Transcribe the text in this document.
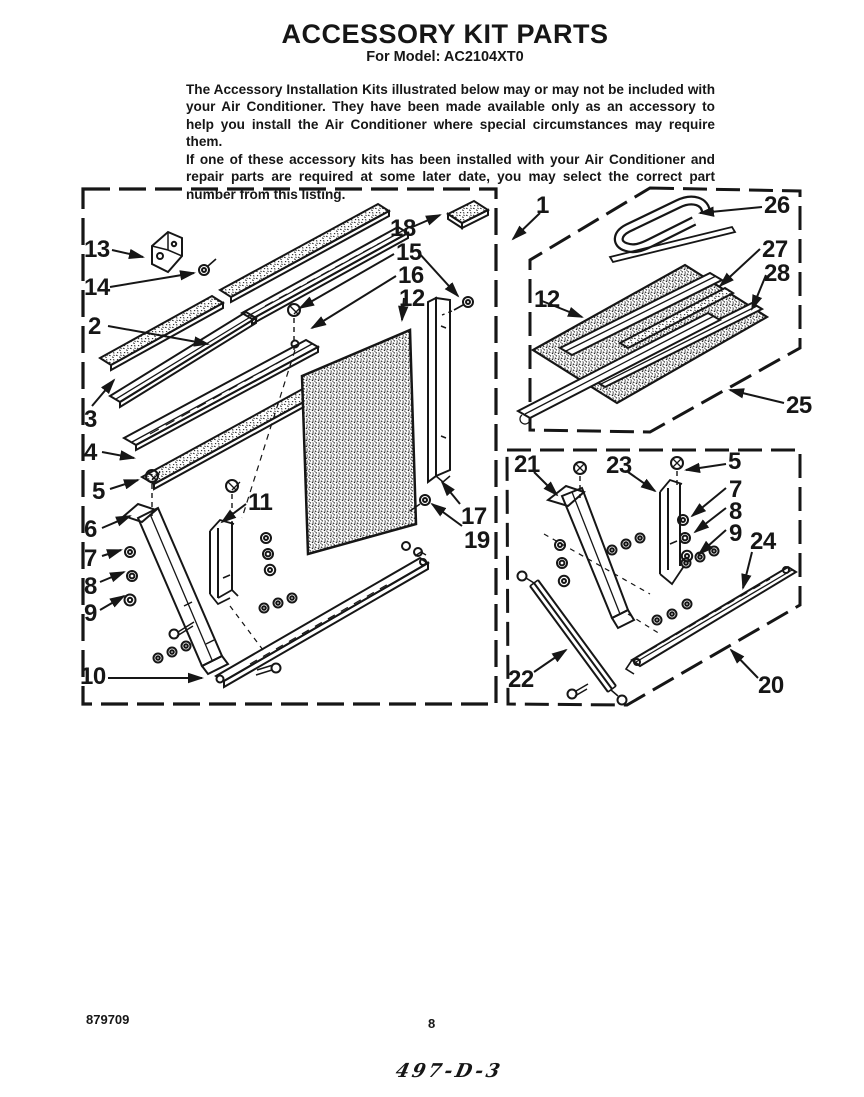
ACCESSORY KIT PARTS
For Model: AC2104XT0

The Accessory Installation Kits illustrated below may or may not be included with your Air Conditioner. They have been made available only as an accessory to help you install the Air Conditioner where special circumstances may require them.

If one of these accessory kits has been installed with your Air Conditioner and repair parts are required at some later date, you may select the correct part number from this listing.

13
14
2
3
4
5
6
7
8
9
10
11
18
15
16
12
17
19
1	26
27
28
12
25
21	23	5
7
8
9 24
22	20
879709	8
497-D-3
